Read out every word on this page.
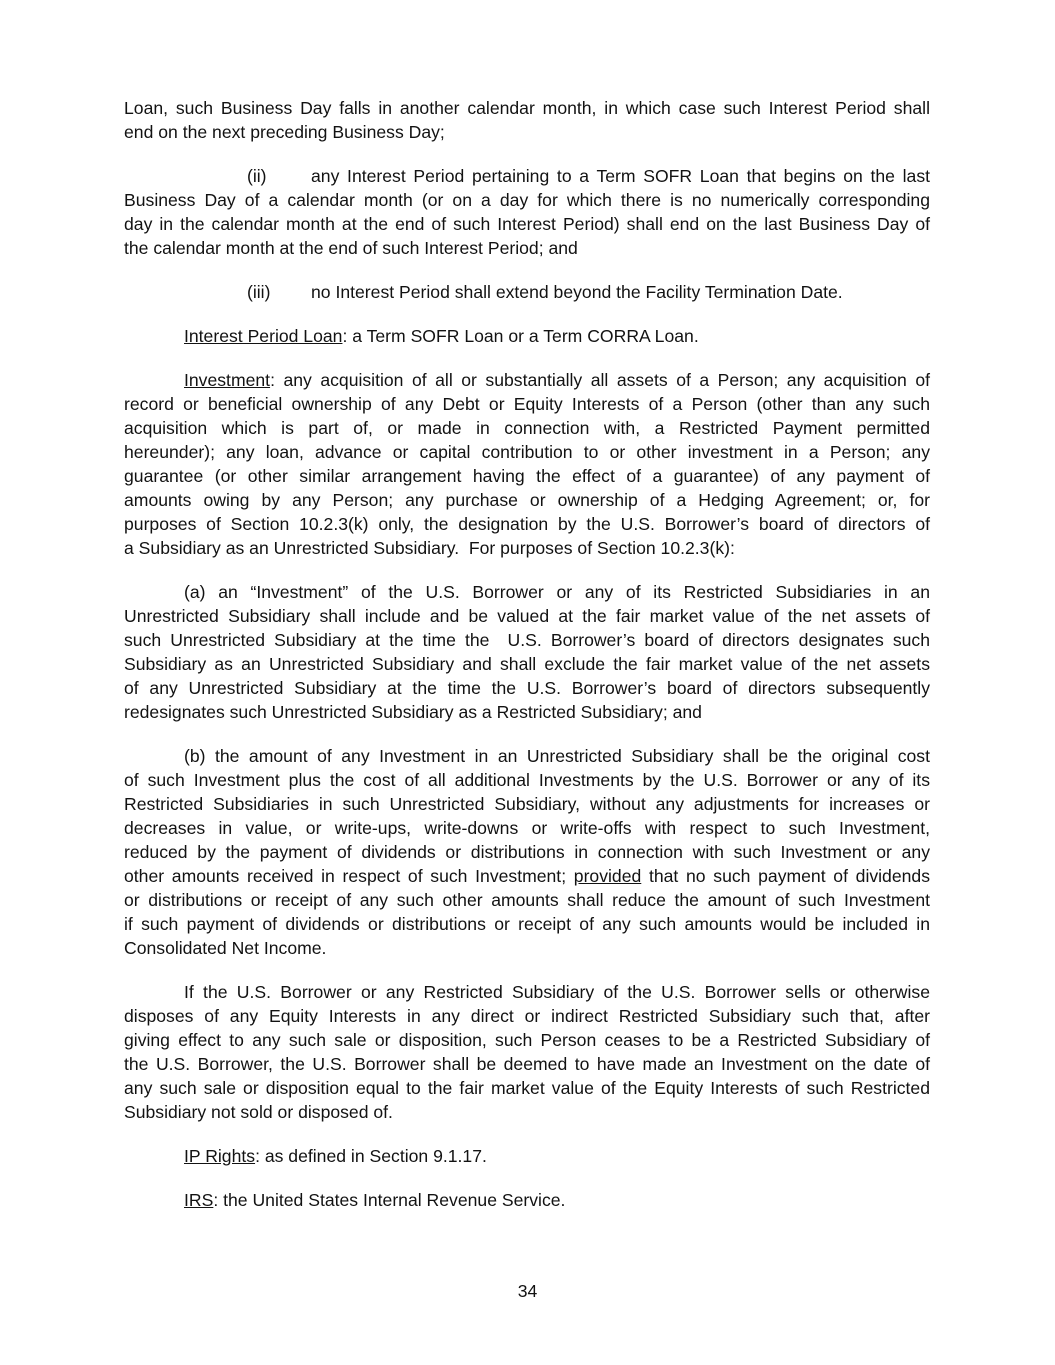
Loan, such Business Day falls in another calendar month, in which case such Interest Period shall
end on the next preceding Business Day;
(ii)	any Interest Period pertaining to a Term SOFR Loan that begins on the last
Business Day of a calendar month (or on a day for which there is no numerically corresponding
day in the calendar month at the end of such Interest Period) shall end on the last Business Day of
the calendar month at the end of such Interest Period; and
(iii) no Interest Period shall extend beyond the Facility Termination Date.
Interest Period Loan: a Term SOFR Loan or a Term CORRA Loan.
Investment: any acquisition of all or substantially all assets of a Person; any acquisition of
record or beneficial ownership of any Debt or Equity Interests of a Person (other than any such
acquisition which is part of, or made in connection with, a Restricted Payment permitted
hereunder); any loan, advance or capital contribution to or other investment in a Person; any
guarantee (or other similar arrangement having the effect of a guarantee) of any payment of
amounts owing by any Person; any purchase or ownership of a Hedging Agreement; or, for
purposes of Section 10.2.3(k) only, the designation by the U.S. Borrower’s board of directors of
a Subsidiary as an Unrestricted Subsidiary.  For purposes of Section 10.2.3(k):
(a) an “Investment” of the U.S. Borrower or any of its Restricted Subsidiaries in an
Unrestricted Subsidiary shall include and be valued at the fair market value of the net assets of
such Unrestricted Subsidiary at the time the  U.S. Borrower’s board of directors designates such
Subsidiary as an Unrestricted Subsidiary and shall exclude the fair market value of the net assets
of any Unrestricted Subsidiary at the time the U.S. Borrower’s board of directors subsequently
redesignates such Unrestricted Subsidiary as a Restricted Subsidiary; and
(b) the amount of any Investment in an Unrestricted Subsidiary shall be the original cost
of such Investment plus the cost of all additional Investments by the U.S. Borrower or any of its
Restricted Subsidiaries in such Unrestricted Subsidiary, without any adjustments for increases or
decreases in value, or write-ups, write-downs or write-offs with respect to such Investment,
reduced by the payment of dividends or distributions in connection with such Investment or any
other amounts received in respect of such Investment; provided that no such payment of dividends
or distributions or receipt of any such other amounts shall reduce the amount of such Investment
if such payment of dividends or distributions or receipt of any such amounts would be included in
Consolidated Net Income.
If the U.S. Borrower or any Restricted Subsidiary of the U.S. Borrower sells or otherwise
disposes of any Equity Interests in any direct or indirect Restricted Subsidiary such that, after
giving effect to any such sale or disposition, such Person ceases to be a Restricted Subsidiary of
the U.S. Borrower, the U.S. Borrower shall be deemed to have made an Investment on the date of
any such sale or disposition equal to the fair market value of the Equity Interests of such Restricted
Subsidiary not sold or disposed of.
IP Rights: as defined in Section 9.1.17.
IRS: the United States Internal Revenue Service.
34
